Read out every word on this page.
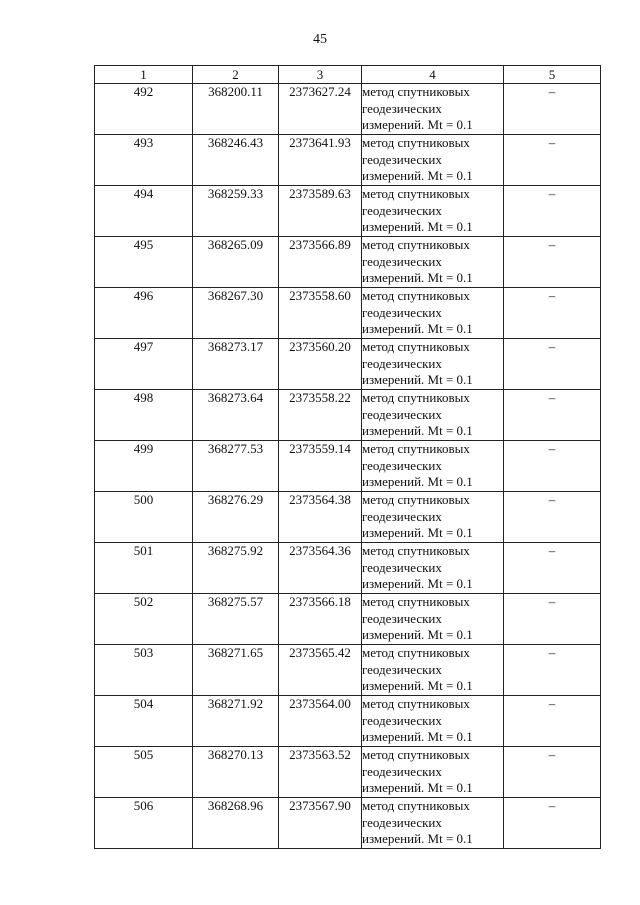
45
1	2	3	4	5
492	368200.11	2373627.24	метод спутниковых геодезических измерений. Mt = 0.1	–
493	368246.43	2373641.93	метод спутниковых геодезических измерений. Mt = 0.1	–
494	368259.33	2373589.63	метод спутниковых геодезических измерений. Mt = 0.1	–
495	368265.09	2373566.89	метод спутниковых геодезических измерений. Mt = 0.1	–
496	368267.30	2373558.60	метод спутниковых геодезических измерений. Mt = 0.1	–
497	368273.17	2373560.20	метод спутниковых геодезических измерений. Mt = 0.1	–
498	368273.64	2373558.22	метод спутниковых геодезических измерений. Mt = 0.1	–
499	368277.53	2373559.14	метод спутниковых геодезических измерений. Mt = 0.1	–
500	368276.29	2373564.38	метод спутниковых геодезических измерений. Mt = 0.1	–
501	368275.92	2373564.36	метод спутниковых геодезических измерений. Mt = 0.1	–
502	368275.57	2373566.18	метод спутниковых геодезических измерений. Mt = 0.1	–
503	368271.65	2373565.42	метод спутниковых геодезических измерений. Mt = 0.1	–
504	368271.92	2373564.00	метод спутниковых геодезических измерений. Mt = 0.1	–
505	368270.13	2373563.52	метод спутниковых геодезических измерений. Mt = 0.1	–
506	368268.96	2373567.90	метод спутниковых геодезических измерений. Mt = 0.1	–
